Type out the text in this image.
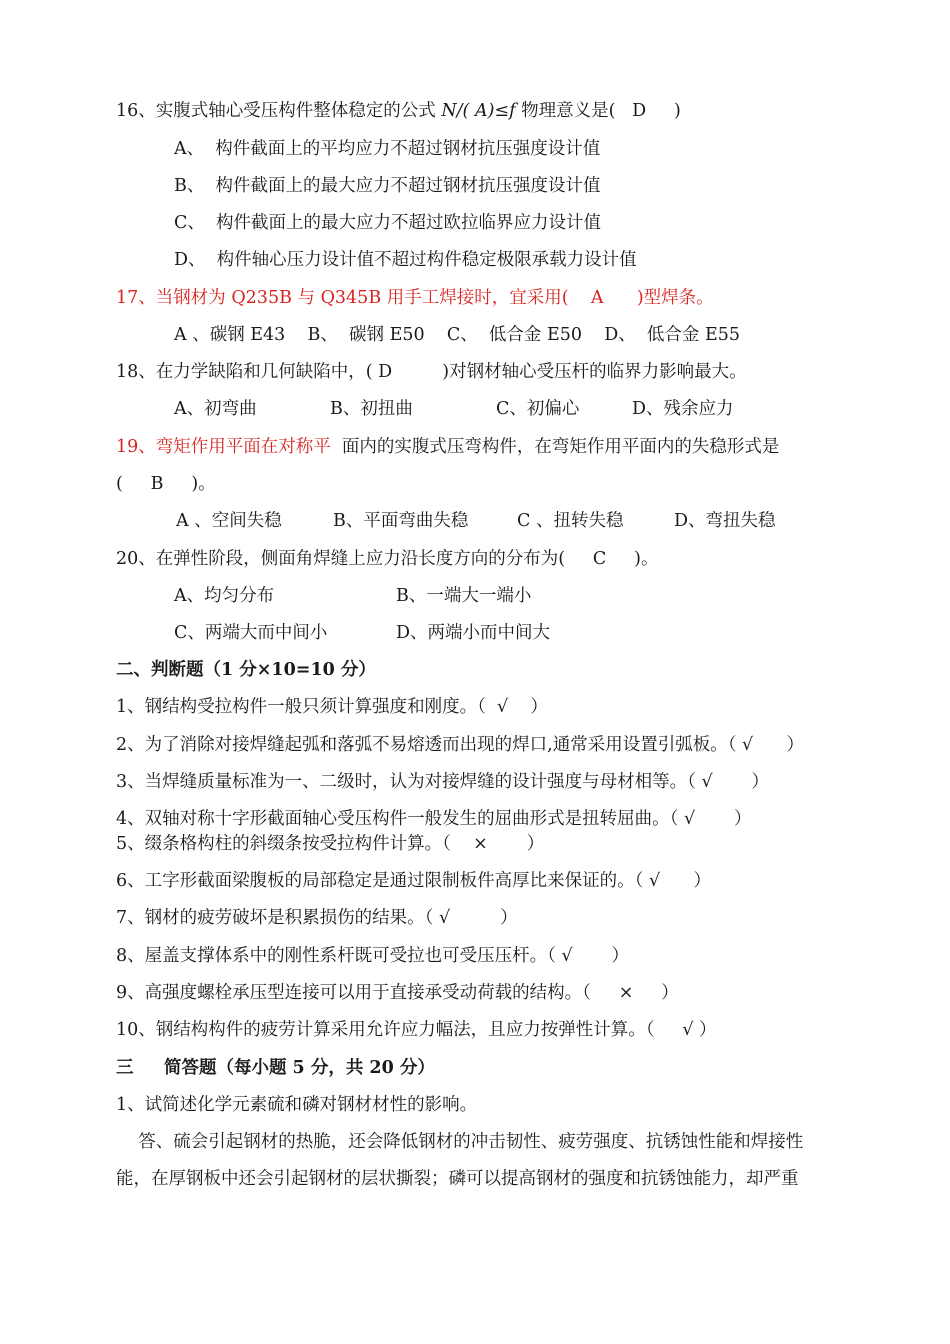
16、实腹式轴心受压构件整体稳定的公式 N/( A)≤f 物理意义是(   D     )
A、  构件截面上的平均应力不超过钢材抗压强度设计值
B、  构件截面上的最大应力不超过钢材抗压强度设计值
C、  构件截面上的最大应力不超过欧拉临界应力设计值
D、  构件轴心压力设计值不超过构件稳定极限承载力设计值
17、当钢材为 Q235B 与 Q345B 用手工焊接时，宜采用(    A      )型焊条。
A 、碳钢 E43    B、  碳钢 E50    C、  低合金 E50    D、  低合金 E55
18、在力学缺陷和几何缺陷中，( D         )对钢材轴心受压杆的临界力影响最大。
A、初弯曲	B、初扭曲	C、初偏心	D、残余应力
19、弯矩作用平面在对称平  面内的实腹式压弯构件，在弯矩作用平面内的失稳形式是
(     B     )。
A 、空间失稳	B、平面弯曲失稳	C 、扭转失稳	D、弯扭失稳
20、在弹性阶段，侧面角焊缝上应力沿长度方向的分布为(     C     )。
A、均匀分布	B、一端大一端小
C、两端大而中间小	D、两端小而中间大
二、判断题（1 分×10=10 分）
1、钢结构受拉构件一般只须计算强度和刚度。（  √    ）
2、为了消除对接焊缝起弧和落弧不易熔透而出现的焊口,通常采用设置引弧板。（ √      ）
3、当焊缝质量标准为一、二级时，认为对接焊缝的设计强度与母材相等。（ √       ）
4、双轴对称十字形截面轴心受压构件一般发生的屈曲形式是扭转屈曲。（ √       ）
5、缀条格构柱的斜缀条按受拉构件计算。（    ×       ）
6、工字形截面梁腹板的局部稳定是通过限制板件高厚比来保证的。（ √      ）
7、钢材的疲劳破坏是积累损伤的结果。（ √         ）
8、屋盖支撑体系中的刚性系杆既可受拉也可受压压杆。（ √       ）
9、高强度螺栓承压型连接可以用于直接承受动荷载的结构。（     ×     ）
10、钢结构构件的疲劳计算采用允许应力幅法，且应力按弹性计算。（     √ ）
三     简答题（每小题 5 分，共 20 分）
1、试简述化学元素硫和磷对钢材材性的影响。
答、硫会引起钢材的热脆，还会降低钢材的冲击韧性、疲劳强度、抗锈蚀性能和焊接性
能，在厚钢板中还会引起钢材的层状撕裂；磷可以提高钢材的强度和抗锈蚀能力，却严重
